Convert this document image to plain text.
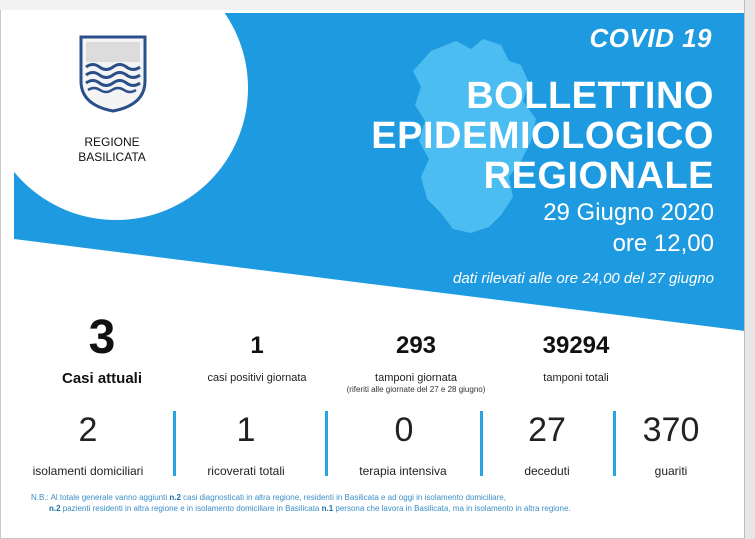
COVID 19
BOLLETTINO
EPIDEMIOLOGICO
REGIONALE
29 Giugno 2020
ore 12,00
dati rilevati alle ore 24,00 del 27 giugno
REGIONE
BASILICATA
3
Casi attuali
1
casi positivi giornata
293
tamponi giornata
(riferiti alle giornate del 27 e 28 giugno)
39294
tamponi totali
2
isolamenti domiciliari
1
ricoverati totali
0
terapia intensiva
27
deceduti
370
guariti
N.B.: Al totale generale vanno aggiunti n.2 casi diagnosticati in altra regione, residenti in Basilicata e ad oggi in isolamento domiciliare,
n.2 pazienti residenti in altra regione e in isolamento domiciliare in Basilicata n.1 persona che lavora in Basilicata, ma in isolamento in altra regione.
